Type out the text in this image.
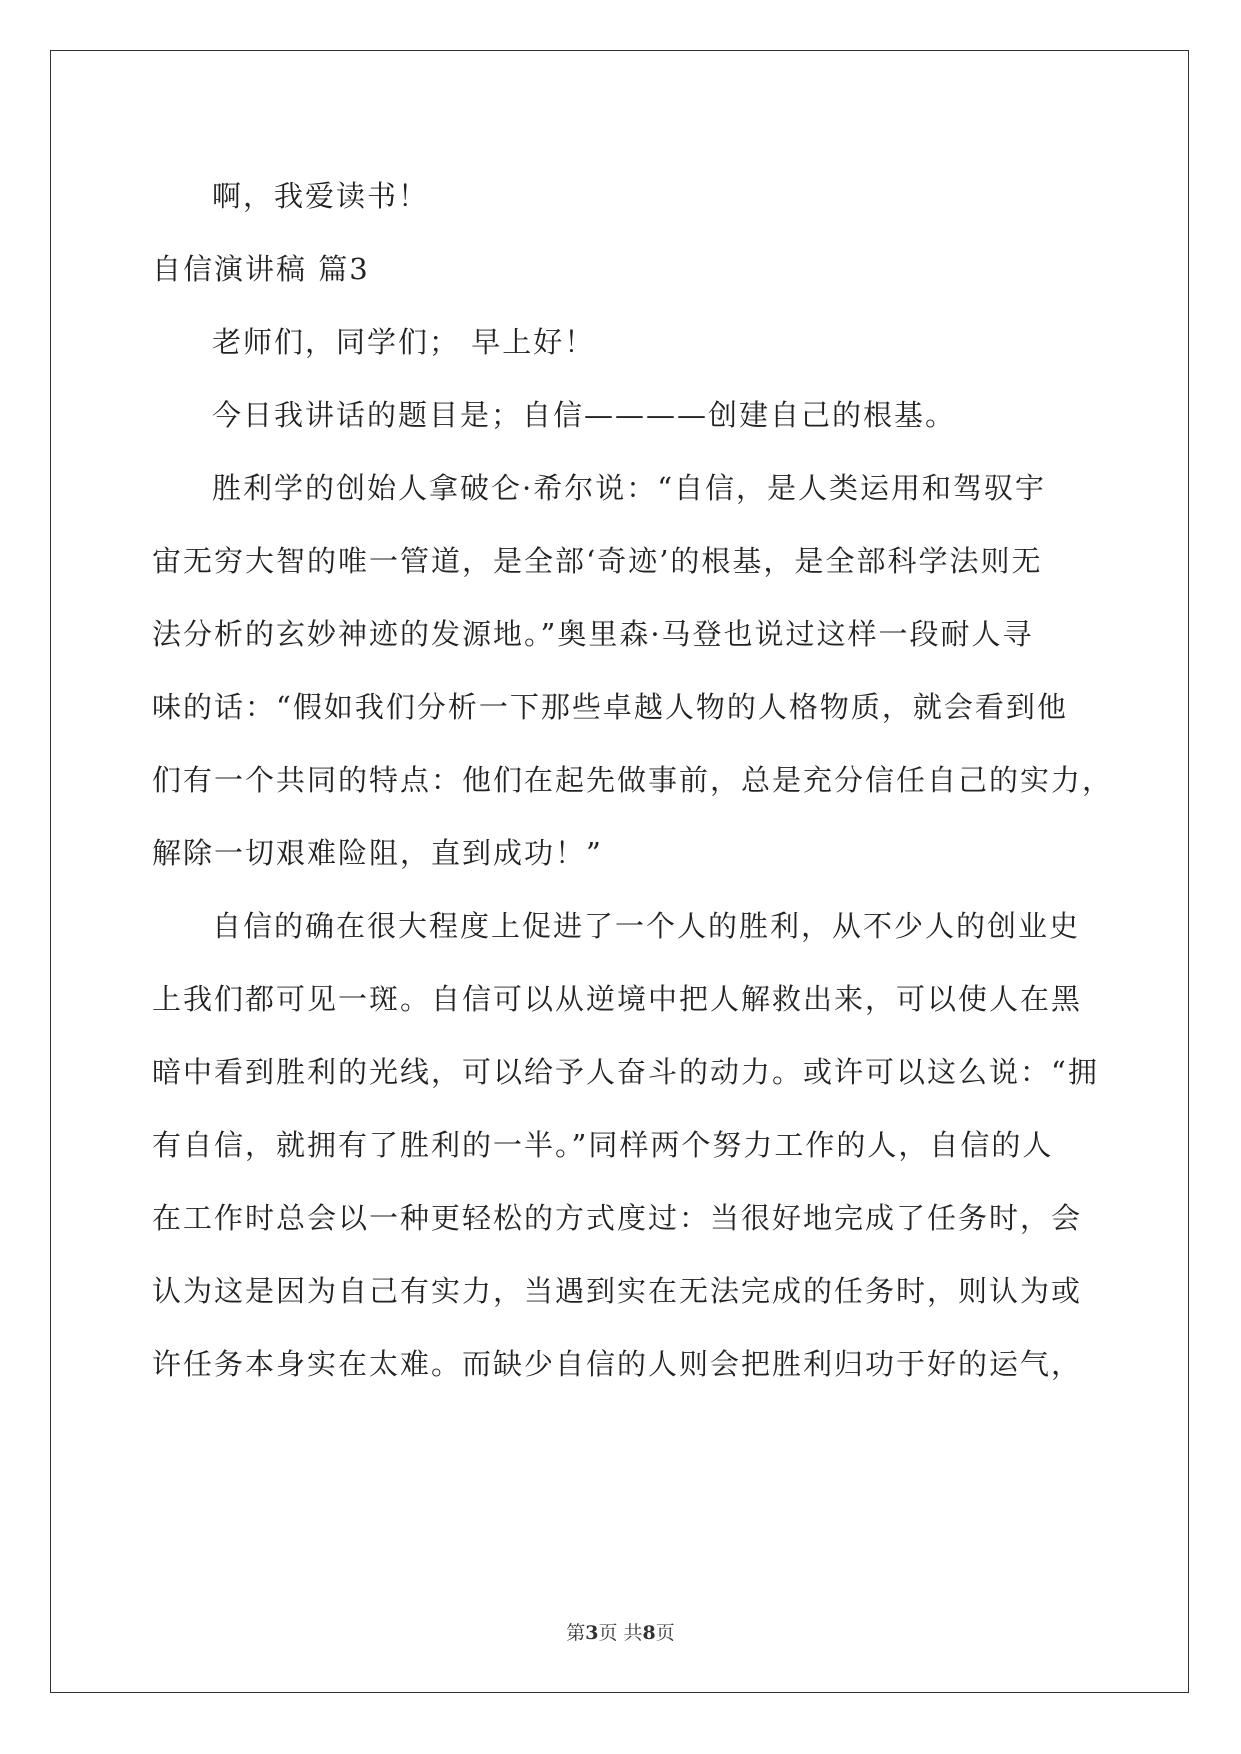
啊，我爱读书！

自信演讲稿 篇3

老师们，同学们； 早上好！

今日我讲话的题目是；自信————创建自己的根基。

胜利学的创始人拿破仑·希尔说：“自信，是人类运用和驾驭宇
宙无穷大智的唯一管道，是全部‘奇迹’的根基，是全部科学法则无
法分析的玄妙神迹的发源地。”奥里森·马登也说过这样一段耐人寻
味的话：“假如我们分析一下那些卓越人物的人格物质，就会看到他
们有一个共同的特点：他们在起先做事前，总是充分信任自己的实力，
解除一切艰难险阻，直到成功！”

自信的确在很大程度上促进了一个人的胜利，从不少人的创业史
上我们都可见一斑。自信可以从逆境中把人解救出来，可以使人在黑
暗中看到胜利的光线，可以给予人奋斗的动力。或许可以这么说：“拥
有自信，就拥有了胜利的一半。”同样两个努力工作的人，自信的人
在工作时总会以一种更轻松的方式度过：当很好地完成了任务时，会
认为这是因为自己有实力，当遇到实在无法完成的任务时，则认为或
许任务本身实在太难。而缺少自信的人则会把胜利归功于好的运气，

第3页 共8页
